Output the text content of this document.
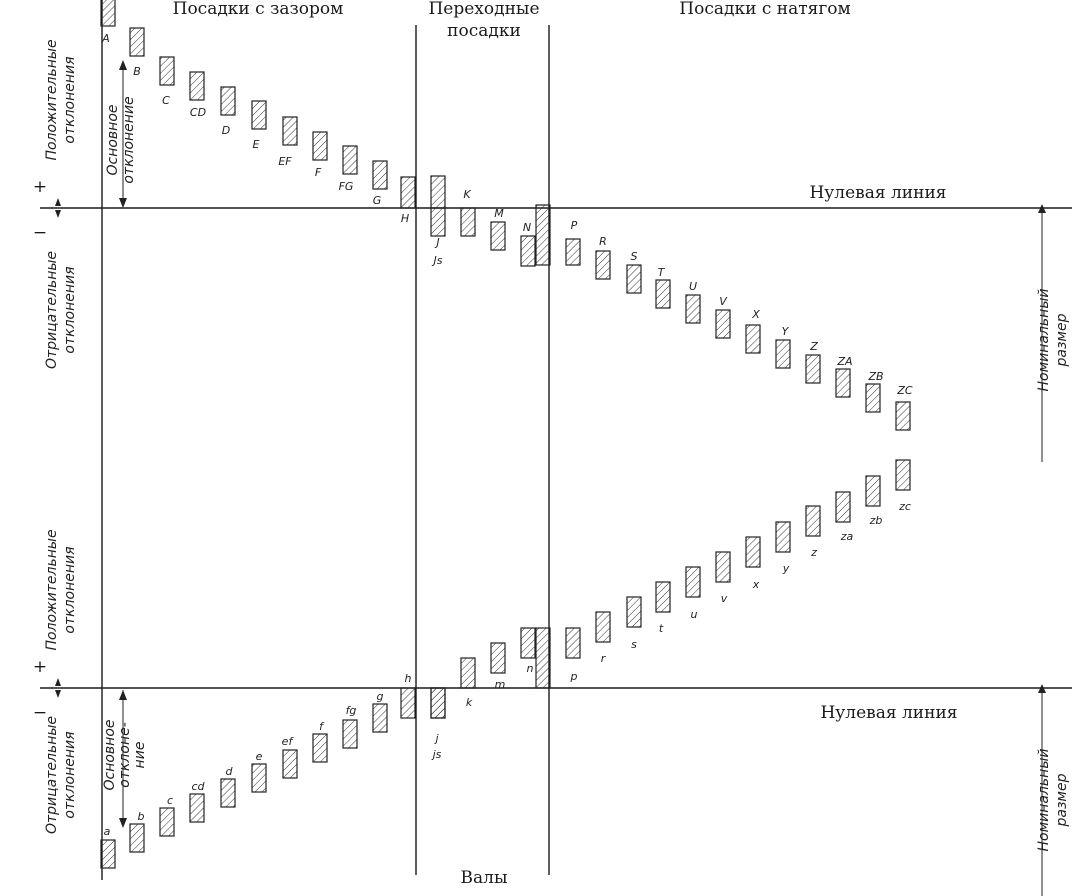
Посадки с зазором	Переходные посадки
Посадки с натягом
Нулевая линия
Нулевая линия
Валы
+
−
+
−
Положительные отклонения
Отрицательные отклонения
Основноеотклонение
Положительные отклонения
Отрицательные отклонения Основноеотклоне-ние
Номинальный размер
Номинальный размер
A
B
C
CD
D
E
EF
F
FG
G
H
J
Js
K
M
N	P
R
S
T
U
V
X
Y
Z
ZA
ZB
ZC
a
b
c
cd
d
e
ef
f
fg
g
h
j
js
k
m
n
p
r
s
t
u
v
x
y
z
za
zb
zc
